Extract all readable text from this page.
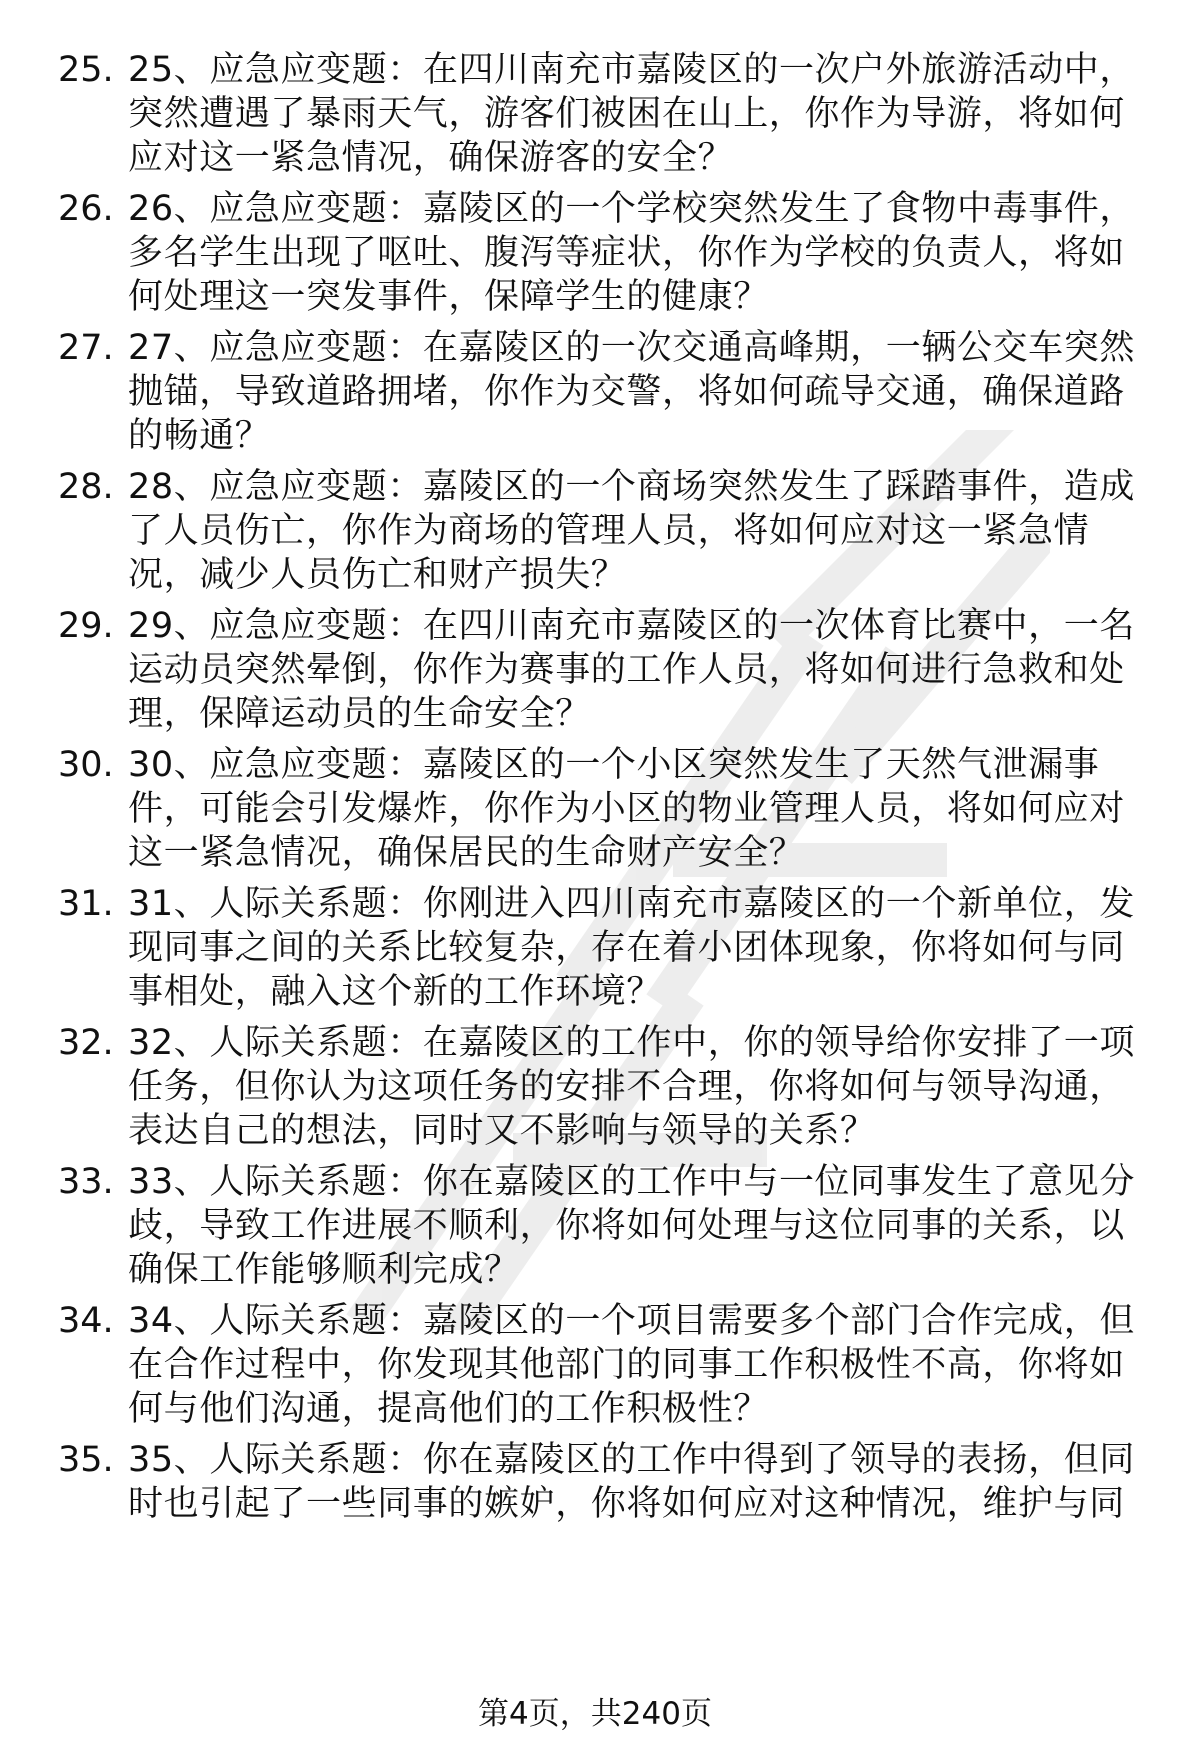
25. 25、应急应变题：在四川南充市嘉陵区的一次户外旅游活动中，突然遭遇了暴雨天气，游客们被困在山上，你作为导游，将如何应对这一紧急情况，确保游客的安全？
26. 26、应急应变题：嘉陵区的一个学校突然发生了食物中毒事件，多名学生出现了呕吐、腹泻等症状，你作为学校的负责人，将如何处理这一突发事件，保障学生的健康？
27. 27、应急应变题：在嘉陵区的一次交通高峰期，一辆公交车突然抛锚，导致道路拥堵，你作为交警，将如何疏导交通，确保道路的畅通？
28. 28、应急应变题：嘉陵区的一个商场突然发生了踩踏事件，造成了人员伤亡，你作为商场的管理人员，将如何应对这一紧急情况，减少人员伤亡和财产损失？
29. 29、应急应变题：在四川南充市嘉陵区的一次体育比赛中，一名运动员突然晕倒，你作为赛事的工作人员，将如何进行急救和处理，保障运动员的生命安全？
30. 30、应急应变题：嘉陵区的一个小区突然发生了天然气泄漏事件，可能会引发爆炸，你作为小区的物业管理人员，将如何应对这一紧急情况，确保居民的生命财产安全？
31. 31、人际关系题：你刚进入四川南充市嘉陵区的一个新单位，发现同事之间的关系比较复杂，存在着小团体现象，你将如何与同事相处，融入这个新的工作环境？
32. 32、人际关系题：在嘉陵区的工作中，你的领导给你安排了一项任务，但你认为这项任务的安排不合理，你将如何与领导沟通，表达自己的想法，同时又不影响与领导的关系？
33. 33、人际关系题：你在嘉陵区的工作中与一位同事发生了意见分歧，导致工作进展不顺利，你将如何处理与这位同事的关系，以确保工作能够顺利完成？
34. 34、人际关系题：嘉陵区的一个项目需要多个部门合作完成，但在合作过程中，你发现其他部门的同事工作积极性不高，你将如何与他们沟通，提高他们的工作积极性？
35. 35、人际关系题：你在嘉陵区的工作中得到了领导的表扬，但同时也引起了一些同事的嫉妒，你将如何应对这种情况，维护与同
第4页，共240页
